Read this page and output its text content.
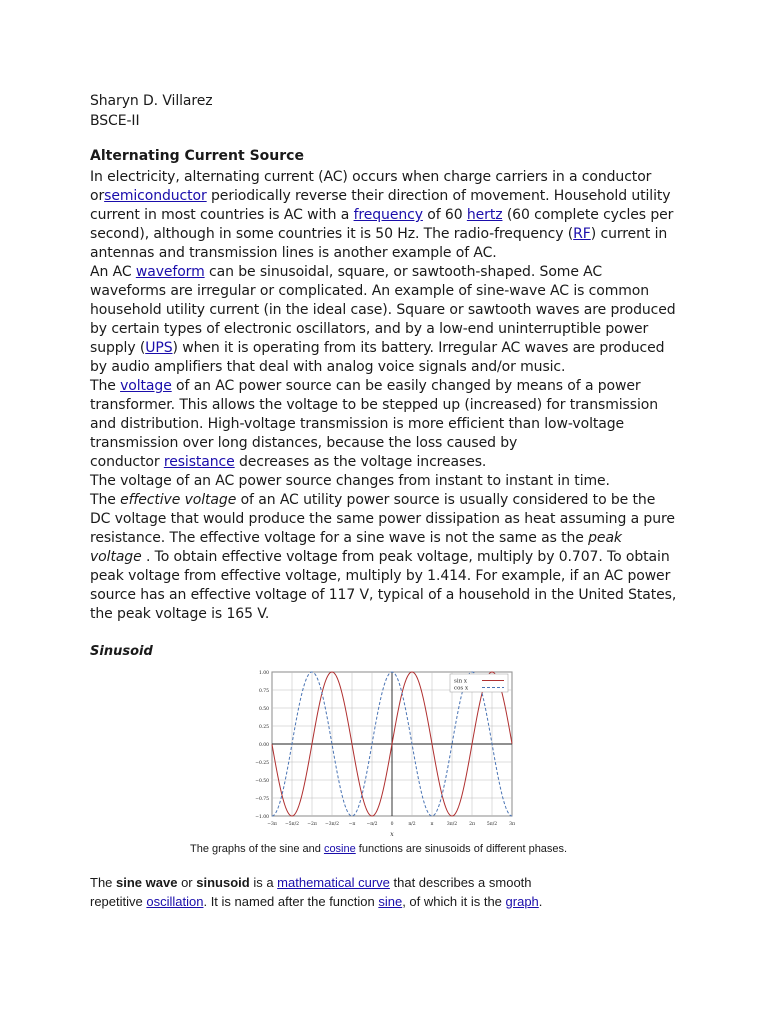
Sharyn D. Villarez
BSCE-II
Alternating Current Source
In electricity, alternating current (AC) occurs when charge carriers in a conductor
orsemiconductor periodically reverse their direction of movement. Household utility
current in most countries is AC with a frequency of 60 hertz (60 complete cycles per
second), although in some countries it is 50 Hz. The radio-frequency (RF) current in
antennas and transmission lines is another example of AC.
An AC waveform can be sinusoidal, square, or sawtooth-shaped. Some AC
waveforms are irregular or complicated. An example of sine-wave AC is common
household utility current (in the ideal case). Square or sawtooth waves are produced
by certain types of electronic oscillators, and by a low-end uninterruptible power
supply (UPS) when it is operating from its battery. Irregular AC waves are produced
by audio amplifiers that deal with analog voice signals and/or music.
The voltage of an AC power source can be easily changed by means of a power
transformer. This allows the voltage to be stepped up (increased) for transmission
and distribution. High-voltage transmission is more efficient than low-voltage
transmission over long distances, because the loss caused by
conductor resistance decreases as the voltage increases.
The voltage of an AC power source changes from instant to instant in time.
The effective voltage of an AC utility power source is usually considered to be the
DC voltage that would produce the same power dissipation as heat assuming a pure
resistance. The effective voltage for a sine wave is not the same as the peak
voltage . To obtain effective voltage from peak voltage, multiply by 0.707. To obtain
peak voltage from effective voltage, multiply by 1.414. For example, if an AC power
source has an effective voltage of 117 V, typical of a household in the United States,
the peak voltage is 165 V.
Sinusoid
1.00
0.75
0.50
0.25
0.00
−0.25
−0.50
−0.75
−1.00
−3π −5π/2 −2π −3π/2 −π −π/2	0	π/2	π	3π/2	2π	5π/2	3π
x
sin x
cos x
The graphs of the sine and cosine functions are sinusoids of different phases.
The sine wave or sinusoid is a mathematical curve that describes a smooth
repetitive oscillation. It is named after the function sine, of which it is the graph.
